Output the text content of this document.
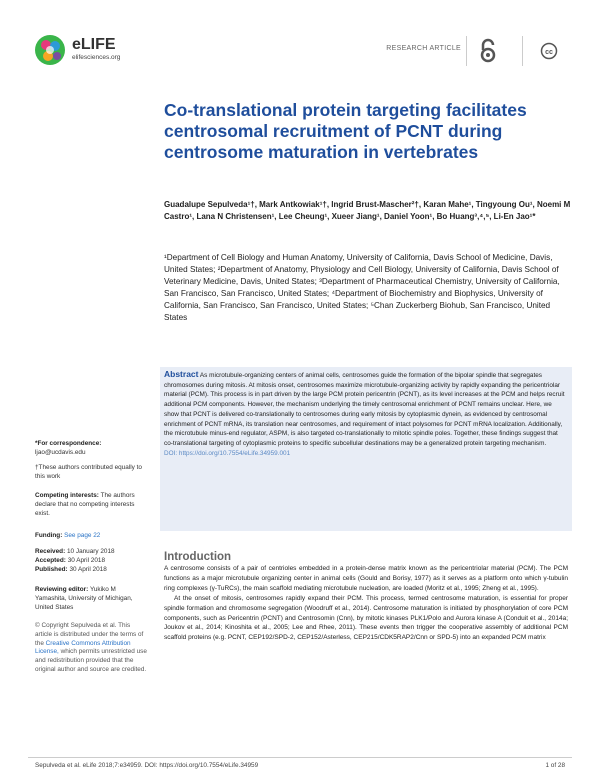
eLIFE
elifesciences.org
RESEARCH ARTICLE
cc
Co-translational protein targeting facilitates centrosomal recruitment of PCNT during centrosome maturation in vertebrates
Guadalupe Sepulveda¹†, Mark Antkowiak¹†, Ingrid Brust-Mascher²†, Karan Mahe¹, Tingyoung Ou¹, Noemi M Castro¹, Lana N Christensen¹, Lee Cheung¹, Xueer Jiang¹, Daniel Yoon¹, Bo Huang³,⁴,⁵, Li-En Jao¹*
¹Department of Cell Biology and Human Anatomy, University of California, Davis School of Medicine, Davis, United States; ²Department of Anatomy, Physiology and Cell Biology, University of California, Davis School of Veterinary Medicine, Davis, United States; ³Department of Pharmaceutical Chemistry, University of California, San Francisco, San Francisco, United States; ⁴Department of Biochemistry and Biophysics, University of California, San Francisco, San Francisco, United States; ⁵Chan Zuckerberg Biohub, San Francisco, United States
Abstract As microtubule-organizing centers of animal cells, centrosomes guide the formation of the bipolar spindle that segregates chromosomes during mitosis. At mitosis onset, centrosomes maximize microtubule-organizing activity by rapidly expanding the pericentriolar material (PCM). This process is in part driven by the large PCM protein pericentrin (PCNT), as its level increases at the PCM and helps recruit additional PCM components. However, the mechanism underlying the timely centrosomal enrichment of PCNT remains unclear. Here, we show that PCNT is delivered co-translationally to centrosomes during early mitosis by cytoplasmic dynein, as evidenced by centrosomal enrichment of PCNT mRNA, its translation near centrosomes, and requirement of intact polysomes for PCNT mRNA localization. Additionally, the microtubule minus-end regulator, ASPM, is also targeted co-translationally to mitotic spindle poles. Together, these findings suggest that co-translational targeting of cytoplasmic proteins to specific subcellular destinations may be a generalized protein targeting mechanism.
DOI: https://doi.org/10.7554/eLife.34959.001
*For correspondence:
ljao@ucdavis.edu
†These authors contributed equally to this work
Competing interests: The authors declare that no competing interests exist.
Funding: See page 22
Received: 10 January 2018
Accepted: 30 April 2018
Published: 30 April 2018
Reviewing editor: Yukiko M Yamashita, University of Michigan, United States
© Copyright Sepulveda et al. This article is distributed under the terms of the Creative Commons Attribution License, which permits unrestricted use and redistribution provided that the original author and source are credited.
Introduction

A centrosome consists of a pair of centrioles embedded in a protein-dense matrix known as the pericentriolar material (PCM). The PCM functions as a major microtubule organizing center in animal cells (Gould and Borisy, 1977) as it serves as a platform onto which γ-tubulin ring complexes (γ-TuRCs), the main scaffold mediating microtubule nucleation, are loaded (Moritz et al., 1995; Zheng et al., 1995).

At the onset of mitosis, centrosomes rapidly expand their PCM. This process, termed centrosome maturation, is essential for proper spindle formation and chromosome segregation (Woodruff et al., 2014). Centrosome maturation is initiated by phosphorylation of core PCM components, such as Pericentrin (PCNT) and Centrosomin (Cnn), by mitotic kinases PLK1/Polo and Aurora kinase A (Conduit et al., 2014a; Joukov et al., 2014; Kinoshita et al., 2005; Lee and Rhee, 2011). These events then trigger the cooperative assembly of additional PCM scaffold proteins (e.g. PCNT, CEP192/SPD-2, CEP152/Asterless, CEP215/CDK5RAP2/Cnn or SPD-5) into an expanded PCM matrix

Sepulveda et al. eLife 2018;7:e34959. DOI: https://doi.org/10.7554/eLife.34959	1 of 28
